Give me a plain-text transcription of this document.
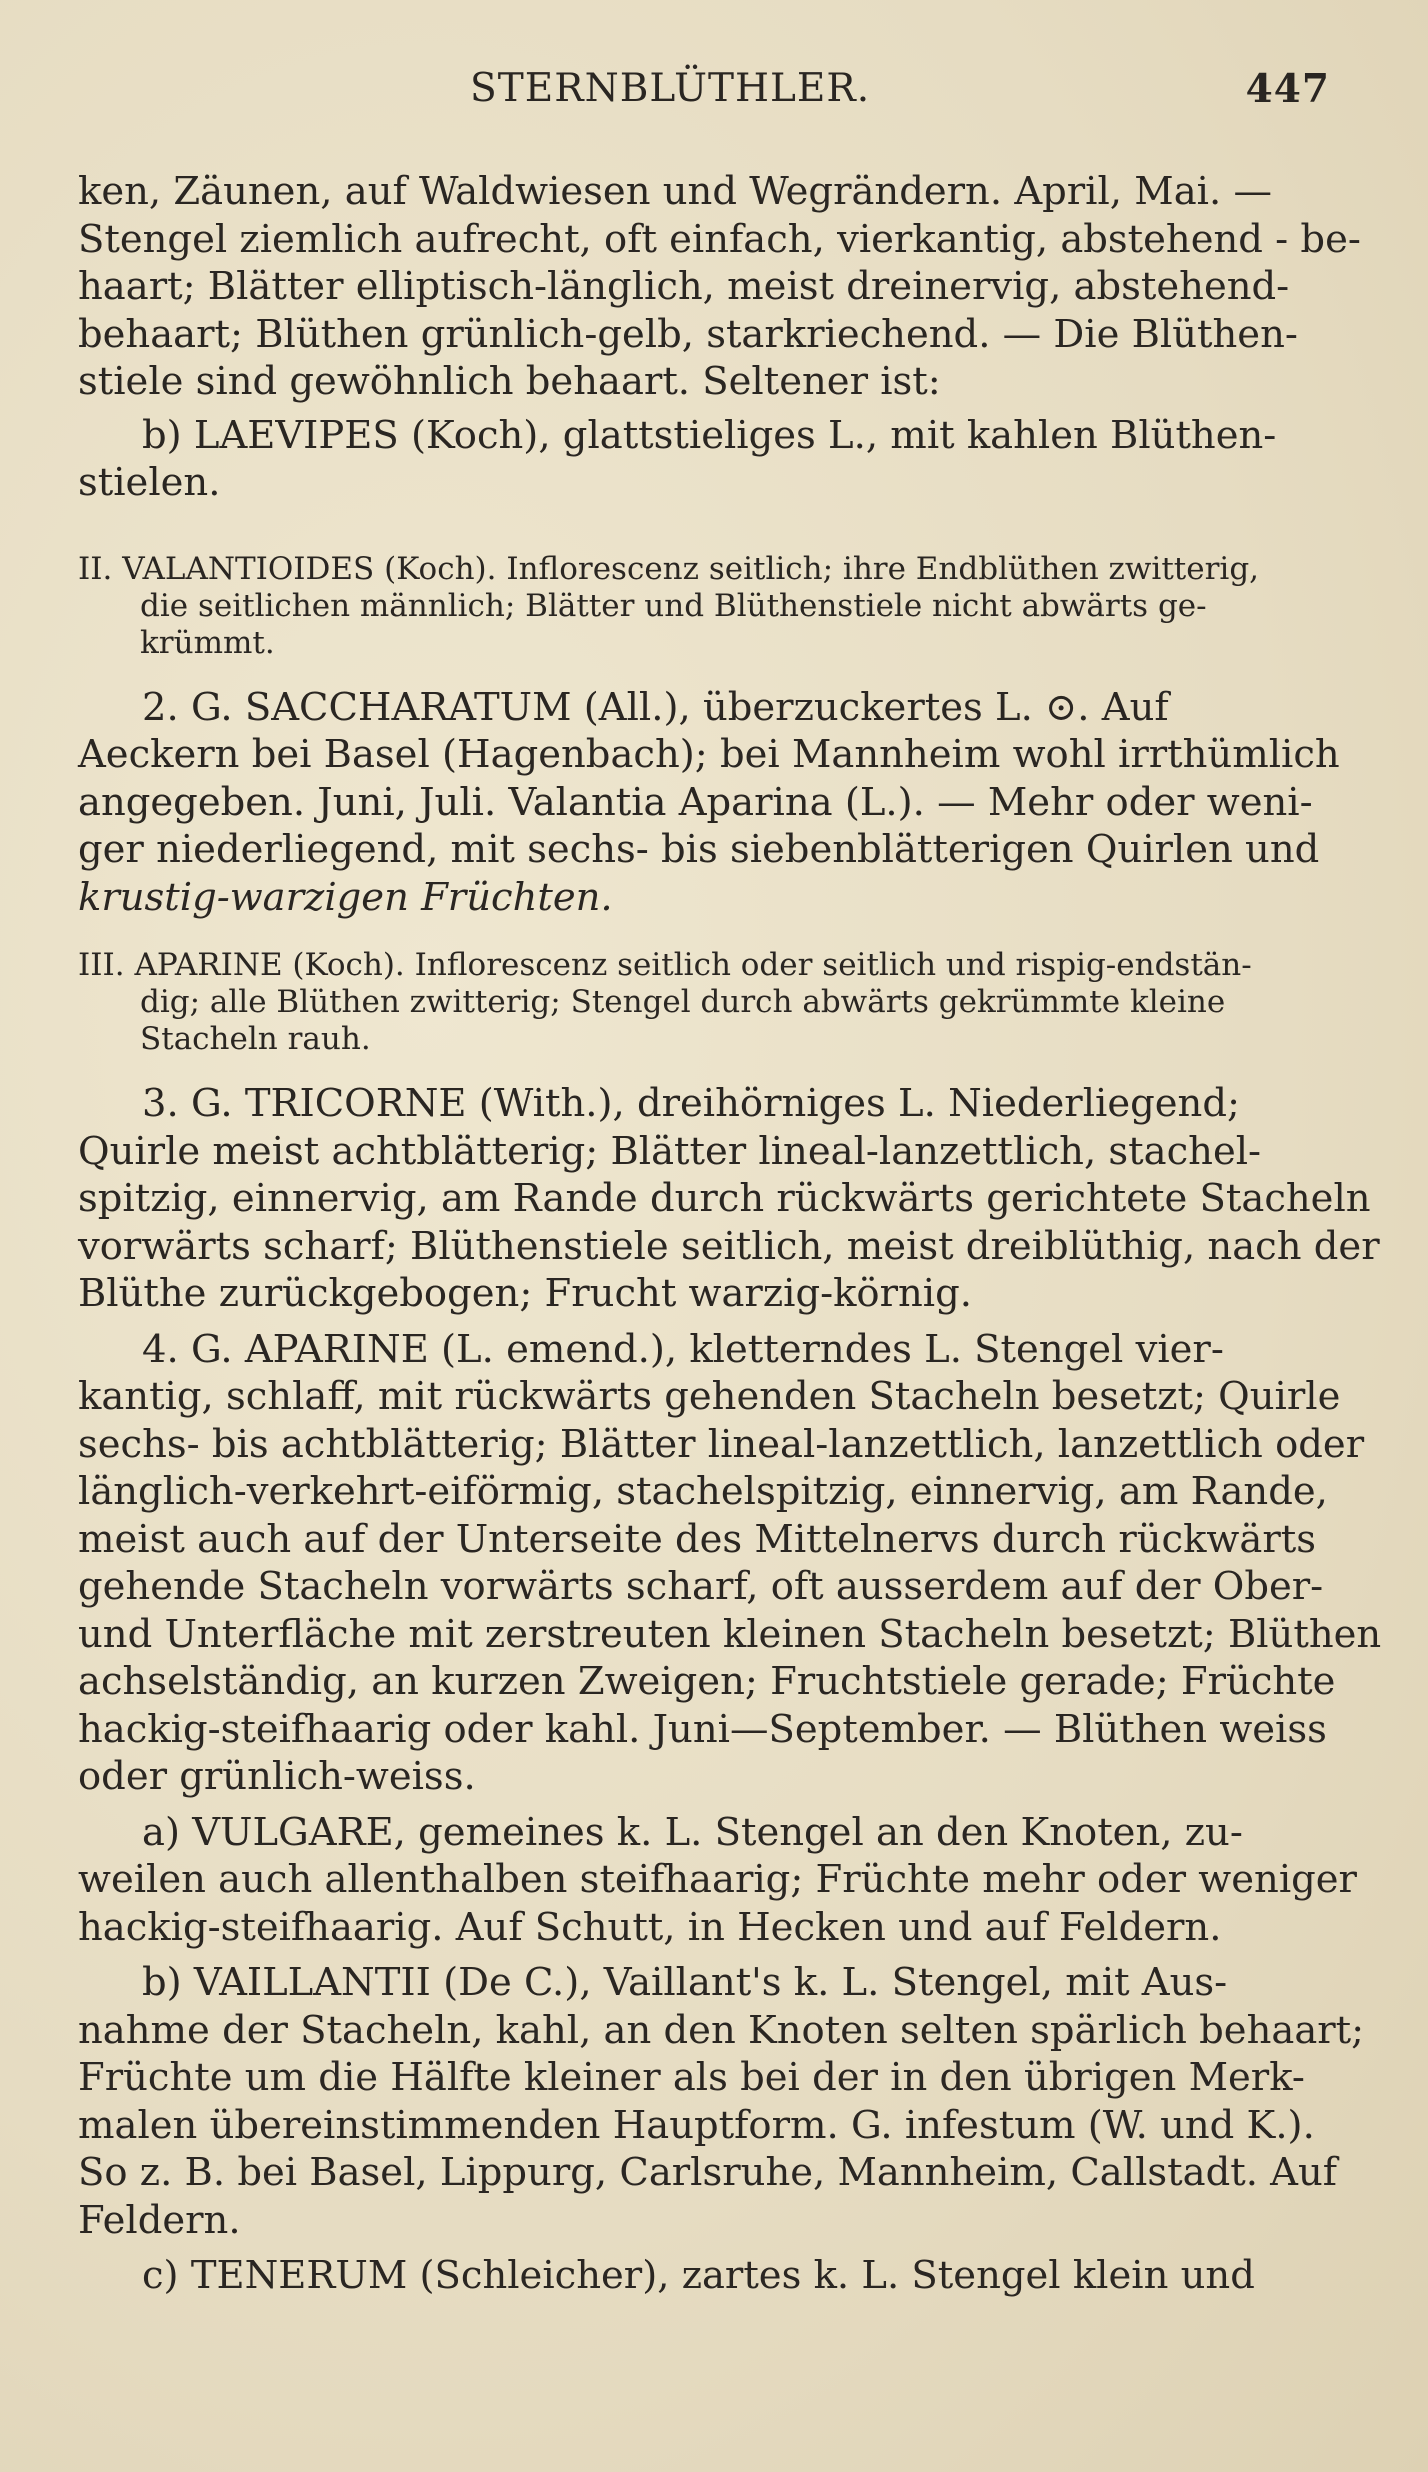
STERNBLÜTHLER.	447
ken, Zäunen, auf Waldwiesen und Wegrändern. April, Mai. —
Stengel ziemlich aufrecht, oft einfach, vierkantig, abstehend - be-
haart; Blätter elliptisch-länglich, meist dreinervig, abstehend-
behaart; Blüthen grünlich-gelb, starkriechend. — Die Blüthen-
stiele sind gewöhnlich behaart. Seltener ist:
b) LAEVIPES (Koch), glattstieliges L., mit kahlen Blüthen-
stielen.
II. VALANTIOIDES (Koch). Inflorescenz seitlich; ihre Endblüthen zwitterig,
die seitlichen männlich; Blätter und Blüthenstiele nicht abwärts ge-
krümmt.
2. G. SACCHARATUM (All.), überzuckertes L. ⊙. Auf
Aeckern bei Basel (Hagenbach); bei Mannheim wohl irrthümlich
angegeben. Juni, Juli. Valantia Aparina (L.). — Mehr oder weni-
ger niederliegend, mit sechs- bis siebenblätterigen Quirlen und
krustig-warzigen Früchten.
III. APARINE (Koch). Inflorescenz seitlich oder seitlich und rispig-endstän-
dig; alle Blüthen zwitterig; Stengel durch abwärts gekrümmte kleine
Stacheln rauh.
3. G. TRICORNE (With.), dreihörniges L. Niederliegend;
Quirle meist achtblätterig; Blätter lineal-lanzettlich, stachel-
spitzig, einnervig, am Rande durch rückwärts gerichtete Stacheln
vorwärts scharf; Blüthenstiele seitlich, meist dreiblüthig, nach der
Blüthe zurückgebogen; Frucht warzig-körnig.
4. G. APARINE (L. emend.), kletterndes L. Stengel vier-
kantig, schlaff, mit rückwärts gehenden Stacheln besetzt; Quirle
sechs- bis achtblätterig; Blätter lineal-lanzettlich, lanzettlich oder
länglich-verkehrt-eiförmig, stachelspitzig, einnervig, am Rande,
meist auch auf der Unterseite des Mittelnervs durch rückwärts
gehende Stacheln vorwärts scharf, oft ausserdem auf der Ober-
und Unterfläche mit zerstreuten kleinen Stacheln besetzt; Blüthen
achselständig, an kurzen Zweigen; Fruchtstiele gerade; Früchte
hackig-steifhaarig oder kahl. Juni—September. — Blüthen weiss
oder grünlich-weiss.
a) VULGARE, gemeines k. L. Stengel an den Knoten, zu-
weilen auch allenthalben steifhaarig; Früchte mehr oder weniger
hackig-steifhaarig. Auf Schutt, in Hecken und auf Feldern.
b) VAILLANTII (De C.), Vaillant's k. L. Stengel, mit Aus-
nahme der Stacheln, kahl, an den Knoten selten spärlich behaart;
Früchte um die Hälfte kleiner als bei der in den übrigen Merk-
malen übereinstimmenden Hauptform. G. infestum (W. und K.).
So z. B. bei Basel, Lippurg, Carlsruhe, Mannheim, Callstadt. Auf
Feldern.
c) TENERUM (Schleicher), zartes k. L. Stengel klein und
